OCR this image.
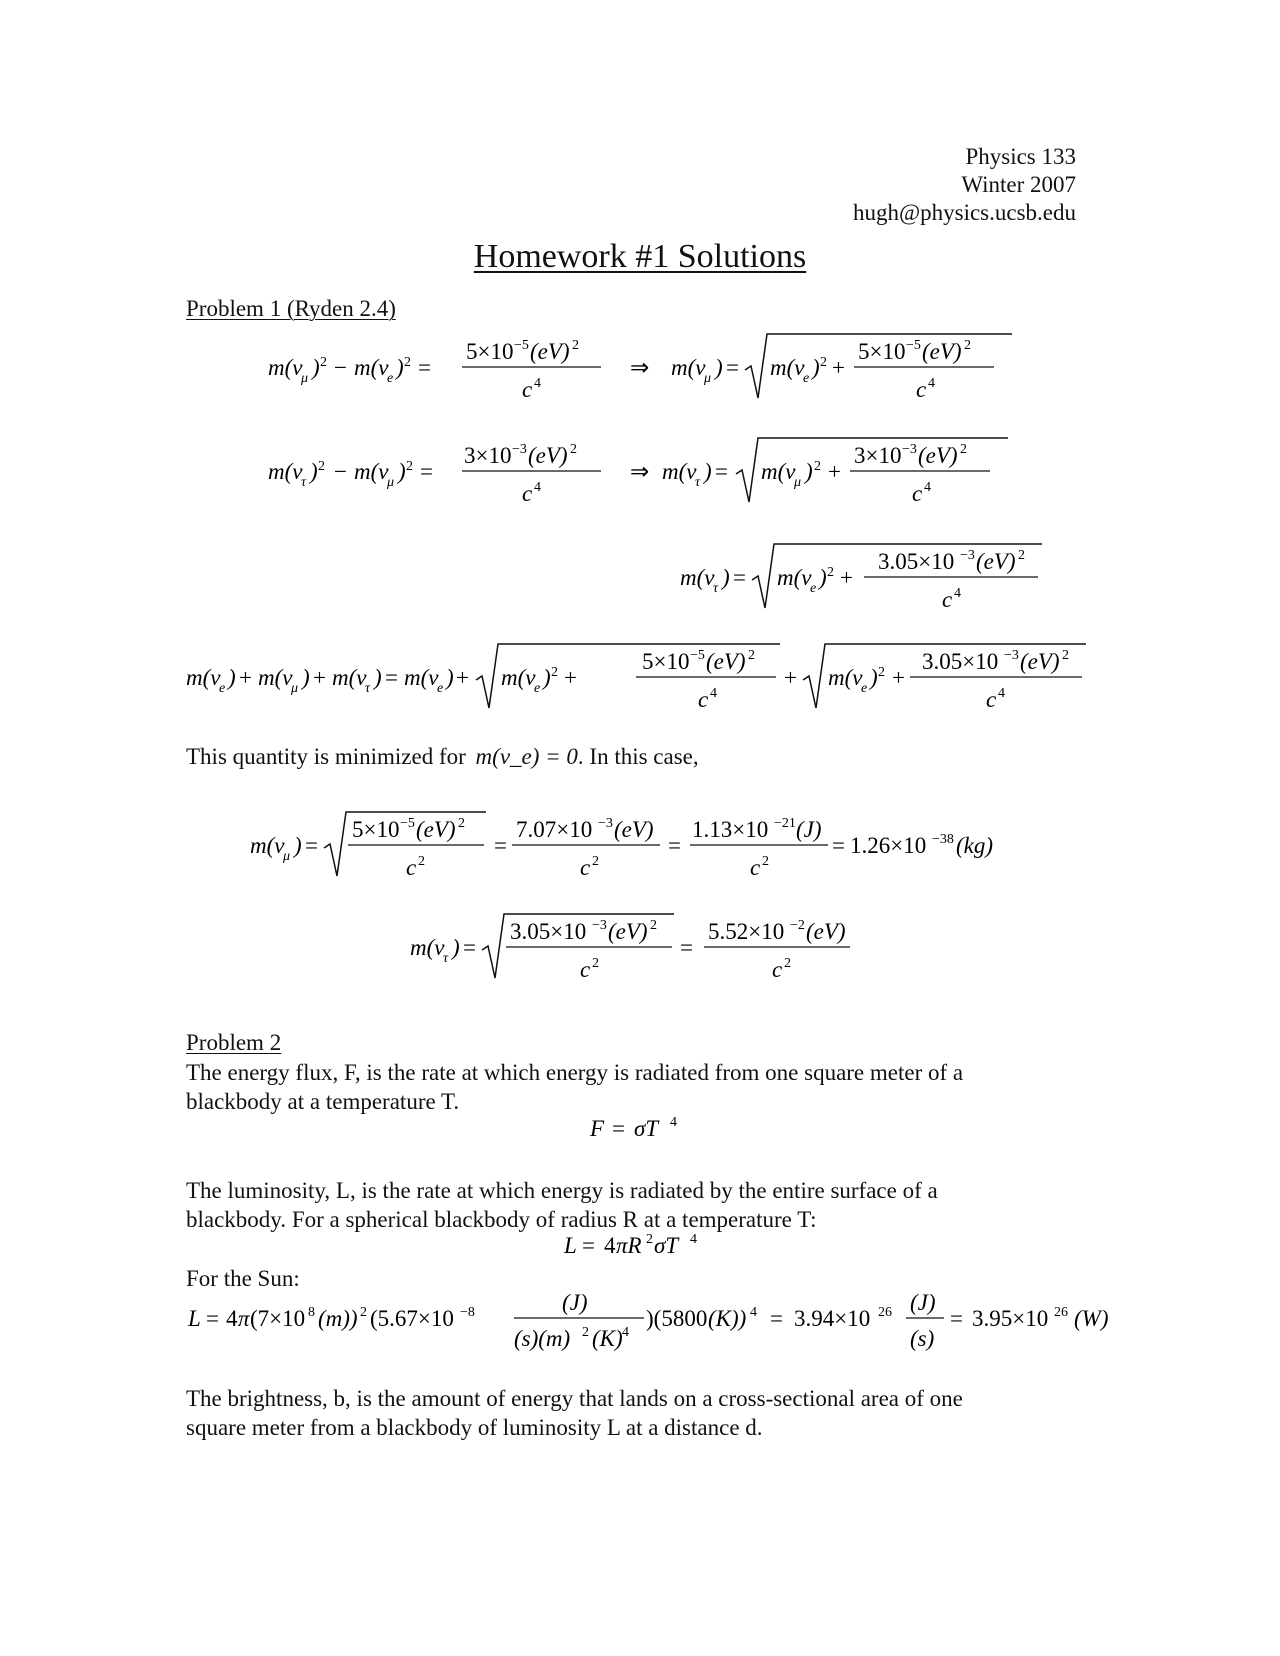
Physics 133
Winter 2007
hugh@physics.ucsb.edu
Homework #1 Solutions
Problem 1 (Ryden 2.4)
m(ν
μ ) 2 − m(ν
e ) 2 =
5×10 −5 (eV) 2
c 4
⇒ m(ν
μ ) = m(ν
e ) 2 +
5×10 −5 (eV) 2
c 4
m(ν
τ ) 2 − m(ν
μ ) 2 =
3×10 −3 (eV) 2
c 4
⇒ m(ν
τ ) = m(ν
μ ) 2 +
3×10 −3 (eV) 2
c 4
m(ν
τ ) = m(ν
e ) 2 +
3.05×10 −3 (eV) 2
c 4
m(ν
e ) + m(ν
μ ) + m(ν
τ ) = m(ν
e ) + m(ν
e ) 2 +
5×10 −5 (eV) 2
c 4
+ m(ν
e ) 2 +
3.05×10 −3 (eV) 2
c 4
This quantity is minimized for m(ν_e) = 0. In this case,
m(ν
μ ) =
5×10 −5 (eV) 2
c 2
=
7.07×10 −3 (eV)
c 2
=
1.13×10 −21 (J)
c 2
= 1.26×10 −38 (kg)
m(ν
τ ) =
3.05×10 −3 (eV) 2
c 2
=
5.52×10 −2 (eV)
c 2
Problem 2
The energy flux, F, is the rate at which energy is radiated from one square meter of a
blackbody at a temperature T.
F = σT 4
The luminosity, L, is the rate at which energy is radiated by the entire surface of a
blackbody. For a spherical blackbody of radius R at a temperature T:
L = 4 πR 2 σT 4
For the Sun:
L = 4 π (7×10 8 (m)) 2 (5.67×10 −8	(J)
(s)(m) 2 (K) 4
)(5800 (K)) 4 = 3.94×10 26 (J)
(s)
= 3.95×10 26 (W)
The brightness, b, is the amount of energy that lands on a cross-sectional area of one
square meter from a blackbody of luminosity L at a distance d.
